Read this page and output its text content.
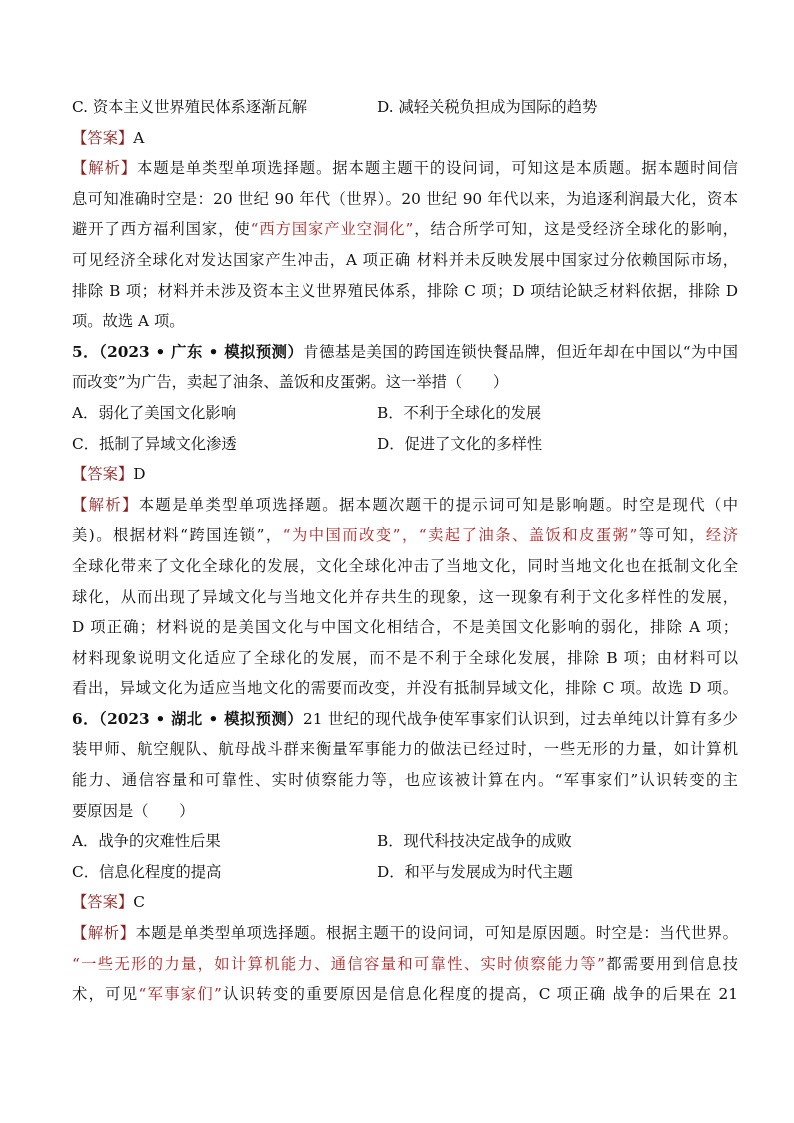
C. 资本主义世界殖民体系逐渐瓦解	D. 减轻关税负担成为国际的趋势
【答案】A
【解析】本题是单类型单项选择题。据本题主题干的设问词，可知这是本质题。据本题时间信
息可知准确时空是：20 世纪 90 年代（世界）。20 世纪 90 年代以来，为追逐利润最大化，资本
避开了西方福利国家，使“西方国家产业空洞化”，结合所学可知，这是受经济全球化的影响，
可见经济全球化对发达国家产生冲击，A 项正确 材料并未反映发展中国家过分依赖国际市场，
排除 B 项；材料并未涉及资本主义世界殖民体系，排除 C 项；D 项结论缺乏材料依据，排除 D
项。故选 A 项。
5．（2023 • 广东 • 模拟预测）肯德基是美国的跨国连锁快餐品牌，但近年却在中国以“为中国
而改变”为广告，卖起了油条、盖饭和皮蛋粥。这一举措（　　）
A．弱化了美国文化影响	B．不利于全球化的发展
C．抵制了异域文化渗透	D．促进了文化的多样性
【答案】D
【解析】本题是单类型单项选择题。据本题次题干的提示词可知是影响题。时空是现代（中
美)。根据材料“跨国连锁”，“为中国而改变”，“卖起了油条、盖饭和皮蛋粥”等可知，经济
全球化带来了文化全球化的发展，文化全球化冲击了当地文化，同时当地文化也在抵制文化全
球化，从而出现了异域文化与当地文化并存共生的现象，这一现象有利于文化多样性的发展，
D 项正确；材料说的是美国文化与中国文化相结合，不是美国文化影响的弱化，排除 A 项；
材料现象说明文化适应了全球化的发展，而不是不利于全球化发展，排除 B 项；由材料可以
看出，异域文化为适应当地文化的需要而改变，并没有抵制异域文化，排除 C 项。故选 D 项。
6．（2023 • 湖北 • 模拟预测）21 世纪的现代战争使军事家们认识到，过去单纯以计算有多少
装甲师、航空舰队、航母战斗群来衡量军事能力的做法已经过时，一些无形的力量，如计算机
能力、通信容量和可靠性、实时侦察能力等，也应该被计算在内。“军事家们”认识转变的主
要原因是（　　）
A．战争的灾难性后果	B．现代科技决定战争的成败
C．信息化程度的提高	D．和平与发展成为时代主题
【答案】C
【解析】本题是单类型单项选择题。根据主题干的设问词，可知是原因题。时空是：当代世界。
“一些无形的力量，如计算机能力、通信容量和可靠性、实时侦察能力等”都需要用到信息技
术，可见“军事家们”认识转变的重要原因是信息化程度的提高，C 项正确 战争的后果在 21
